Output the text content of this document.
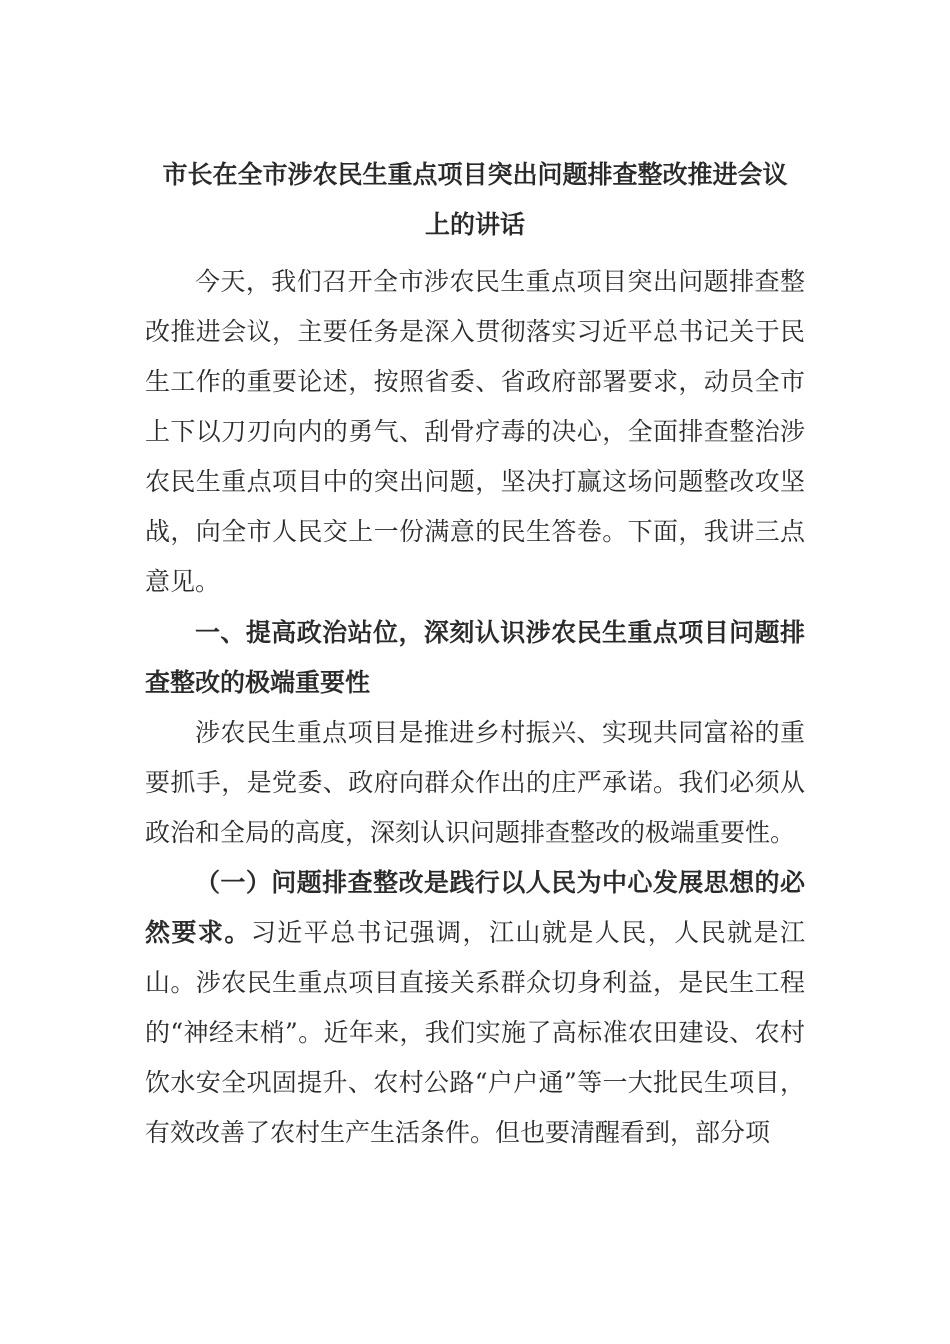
市长在全市涉农民生重点项目突出问题排查整改推进会议
上的讲话

今天，我们召开全市涉农民生重点项目突出问题排查整改推进会议，主要任务是深入贯彻落实习近平总书记关于民生工作的重要论述，按照省委、省政府部署要求，动员全市上下以刀刃向内的勇气、刮骨疗毒的决心，全面排查整治涉农民生重点项目中的突出问题，坚决打赢这场问题整改攻坚战，向全市人民交上一份满意的民生答卷。下面，我讲三点意见。

一、提高政治站位，深刻认识涉农民生重点项目问题排查整改的极端重要性

涉农民生重点项目是推进乡村振兴、实现共同富裕的重要抓手，是党委、政府向群众作出的庄严承诺。我们必须从政治和全局的高度，深刻认识问题排查整改的极端重要性。

（一）问题排查整改是践行以人民为中心发展思想的必然要求。习近平总书记强调，江山就是人民，人民就是江山。涉农民生重点项目直接关系群众切身利益，是民生工程的“神经末梢”。近年来，我们实施了高标准农田建设、农村饮水安全巩固提升、农村公路“户户通”等一大批民生项目，有效改善了农村生产生活条件。但也要清醒看到，部分项
